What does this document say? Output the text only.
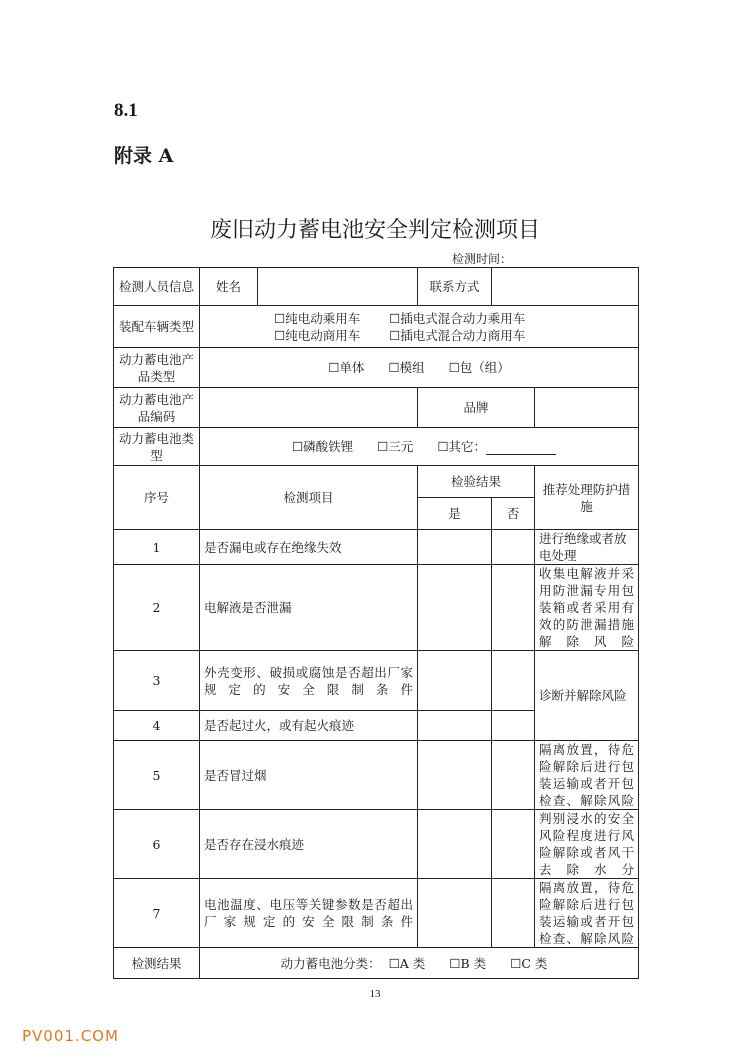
8.1
附录 A
废旧动力蓄电池安全判定检测项目
检测时间：
检测人员信息	姓名		联系方式		
装配车辆类型	☐纯电动乘用车 ☐插电式混合动力乘用车
☐纯电动商用车 ☐插电式混合动力商用车				

动力蓄电池产品类型	☐单体 ☐模组 ☐包（组）				
动力蓄电池产品编码			品牌		
动力蓄电池类型	☐磷酸铁锂 ☐三元 ☐其它：				
序号	检测项目		检验结果		推荐处理防护措施
			是	否	
1	是否漏电或存在绝缘失效				进行绝缘或者放电处理
2	电解液是否泄漏				收集电解液并采用防泄漏专用包装箱或者采用有效的防泄漏措施解除风险
3	外壳变形、破损或腐蚀是否超出厂家规定的安全限制条件				诊断并解除风险
4	是否起过火，或有起火痕迹				
5	是否冒过烟				隔离放置，待危险解除后进行包装运输或者开包检查、解除风险
6	是否存在浸水痕迹				判别浸水的安全风险程度进行风险解除或者风干去除水分
7	电池温度、电压等关键参数是否超出厂家规定的安全限制条件				隔离放置，待危险解除后进行包装运输或者开包检查、解除风险
检测结果	动力蓄电池分类： ☐A 类 ☐B 类 ☐C 类				
13
PV001.COM
